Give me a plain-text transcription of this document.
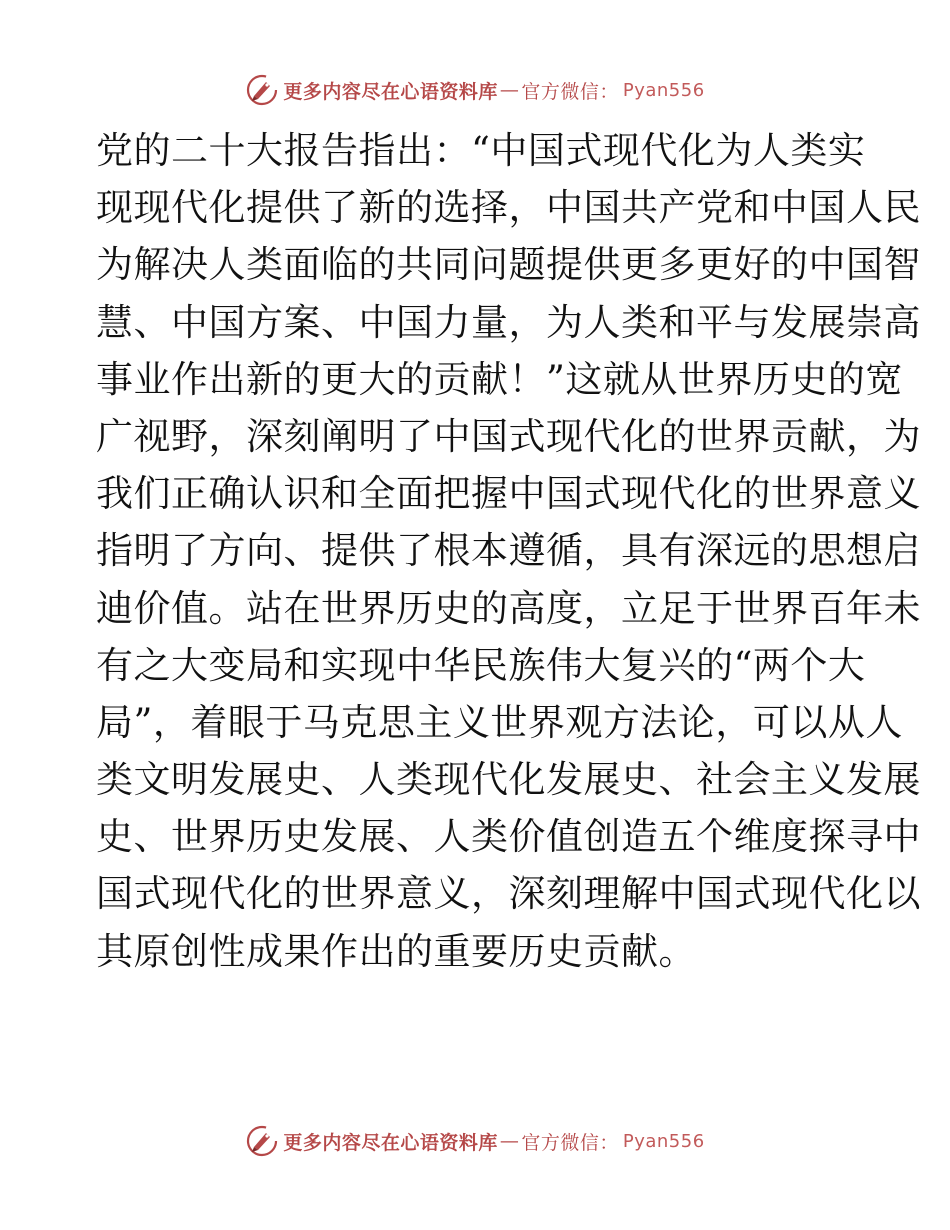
更多内容尽在心语资料库 — 官方微信： Pyan556
党的二十大报告指出：“中国式现代化为人类实
现现代化提供了新的选择，中国共产党和中国人民
为解决人类面临的共同问题提供更多更好的中国智
慧、中国方案、中国力量，为人类和平与发展崇高
事业作出新的更大的贡献！”这就从世界历史的宽
广视野，深刻阐明了中国式现代化的世界贡献，为
我们正确认识和全面把握中国式现代化的世界意义
指明了方向、提供了根本遵循，具有深远的思想启
迪价值。站在世界历史的高度，立足于世界百年未
有之大变局和实现中华民族伟大复兴的“两个大
局”，着眼于马克思主义世界观方法论，可以从人
类文明发展史、人类现代化发展史、社会主义发展
史、世界历史发展、人类价值创造五个维度探寻中
国式现代化的世界意义，深刻理解中国式现代化以
其原创性成果作出的重要历史贡献。
更多内容尽在心语资料库 — 官方微信： Pyan556
